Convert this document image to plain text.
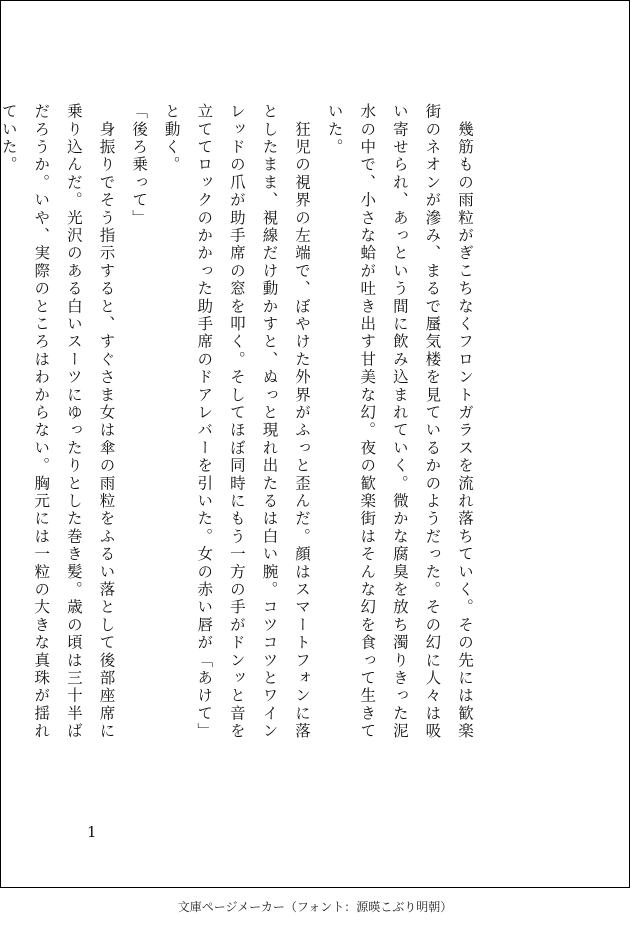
　幾筋もの雨粒がぎこちなくフロントガラスを流れ落ちていく。その先には歓楽街のネオンが滲み、まるで蜃気楼を見ているかのようだった。その幻に人々は吸い寄せられ、あっという間に飲み込まれていく。微かな腐臭を放ち濁りきった泥水の中で、小さな蛤が吐き出す甘美な幻。夜の歓楽街はそんな幻を食って生きていた。

　狂児の視界の左端で、ぼやけた外界がふっと歪んだ。顔はスマートフォンに落としたまま、視線だけ動かすと、ぬっと現れ出たるは白い腕。コツコツとワインレッドの爪が助手席の窓を叩く。そしてほぼ同時にもう一方の手がドンッと音を立ててロックのかかった助手席のドアレバーを引いた。女の赤い唇が「あけて」と動く。

「後ろ乗って」

　身振りでそう指示すると、すぐさま女は傘の雨粒をふるい落として後部座席に乗り込んだ。光沢のある白いスーツにゆったりとした巻き髪。歳の頃は三十半ばだろうか。いや、実際のところはわからない。胸元には一粒の大きな真珠が揺れていた。

1
文庫ページメーカー（フォント：源暎こぶり明朝）
